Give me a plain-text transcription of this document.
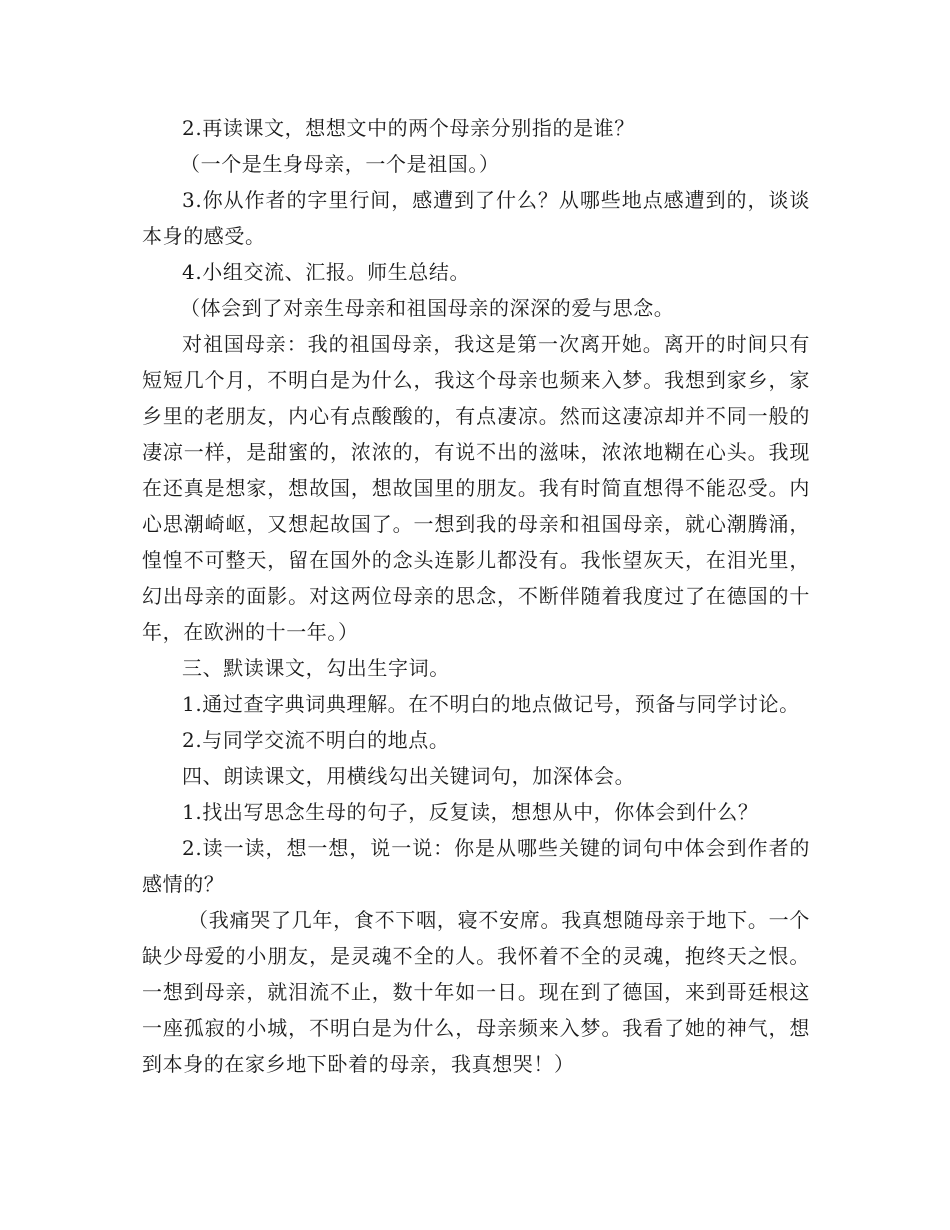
2.再读课文，想想文中的两个母亲分别指的是谁？

（一个是生身母亲，一个是祖国。）

3.你从作者的字里行间，感遭到了什么？从哪些地点感遭到的，谈谈本身的感受。

4.小组交流、汇报。师生总结。

（体会到了对亲生母亲和祖国母亲的深深的爱与思念。

对祖国母亲：我的祖国母亲，我这是第一次离开她。离开的时间只有短短几个月，不明白是为什么，我这个母亲也频来入梦。我想到家乡，家乡里的老朋友，内心有点酸酸的，有点凄凉。然而这凄凉却并不同一般的凄凉一样，是甜蜜的，浓浓的，有说不出的滋味，浓浓地糊在心头。我现在还真是想家，想故国，想故国里的朋友。我有时简直想得不能忍受。内心思潮崎岖，又想起故国了。一想到我的母亲和祖国母亲，就心潮腾涌，惶惶不可整天，留在国外的念头连影儿都没有。我怅望灰天，在泪光里，幻出母亲的面影。对这两位母亲的思念，不断伴随着我度过了在德国的十年，在欧洲的十一年。）

三、默读课文，勾出生字词。

1.通过查字典词典理解。在不明白的地点做记号，预备与同学讨论。

2.与同学交流不明白的地点。

四、朗读课文，用横线勾出关键词句，加深体会。

1.找出写思念生母的句子，反复读，想想从中，你体会到什么？

2.读一读，想一想，说一说：你是从哪些关键的词句中体会到作者的感情的？

（我痛哭了几年，食不下咽，寝不安席。我真想随母亲于地下。一个缺少母爱的小朋友，是灵魂不全的人。我怀着不全的灵魂，抱终天之恨。一想到母亲，就泪流不止，数十年如一日。现在到了德国，来到哥廷根这一座孤寂的小城，不明白是为什么，母亲频来入梦。我看了她的神气，想到本身的在家乡地下卧着的母亲，我真想哭！）
